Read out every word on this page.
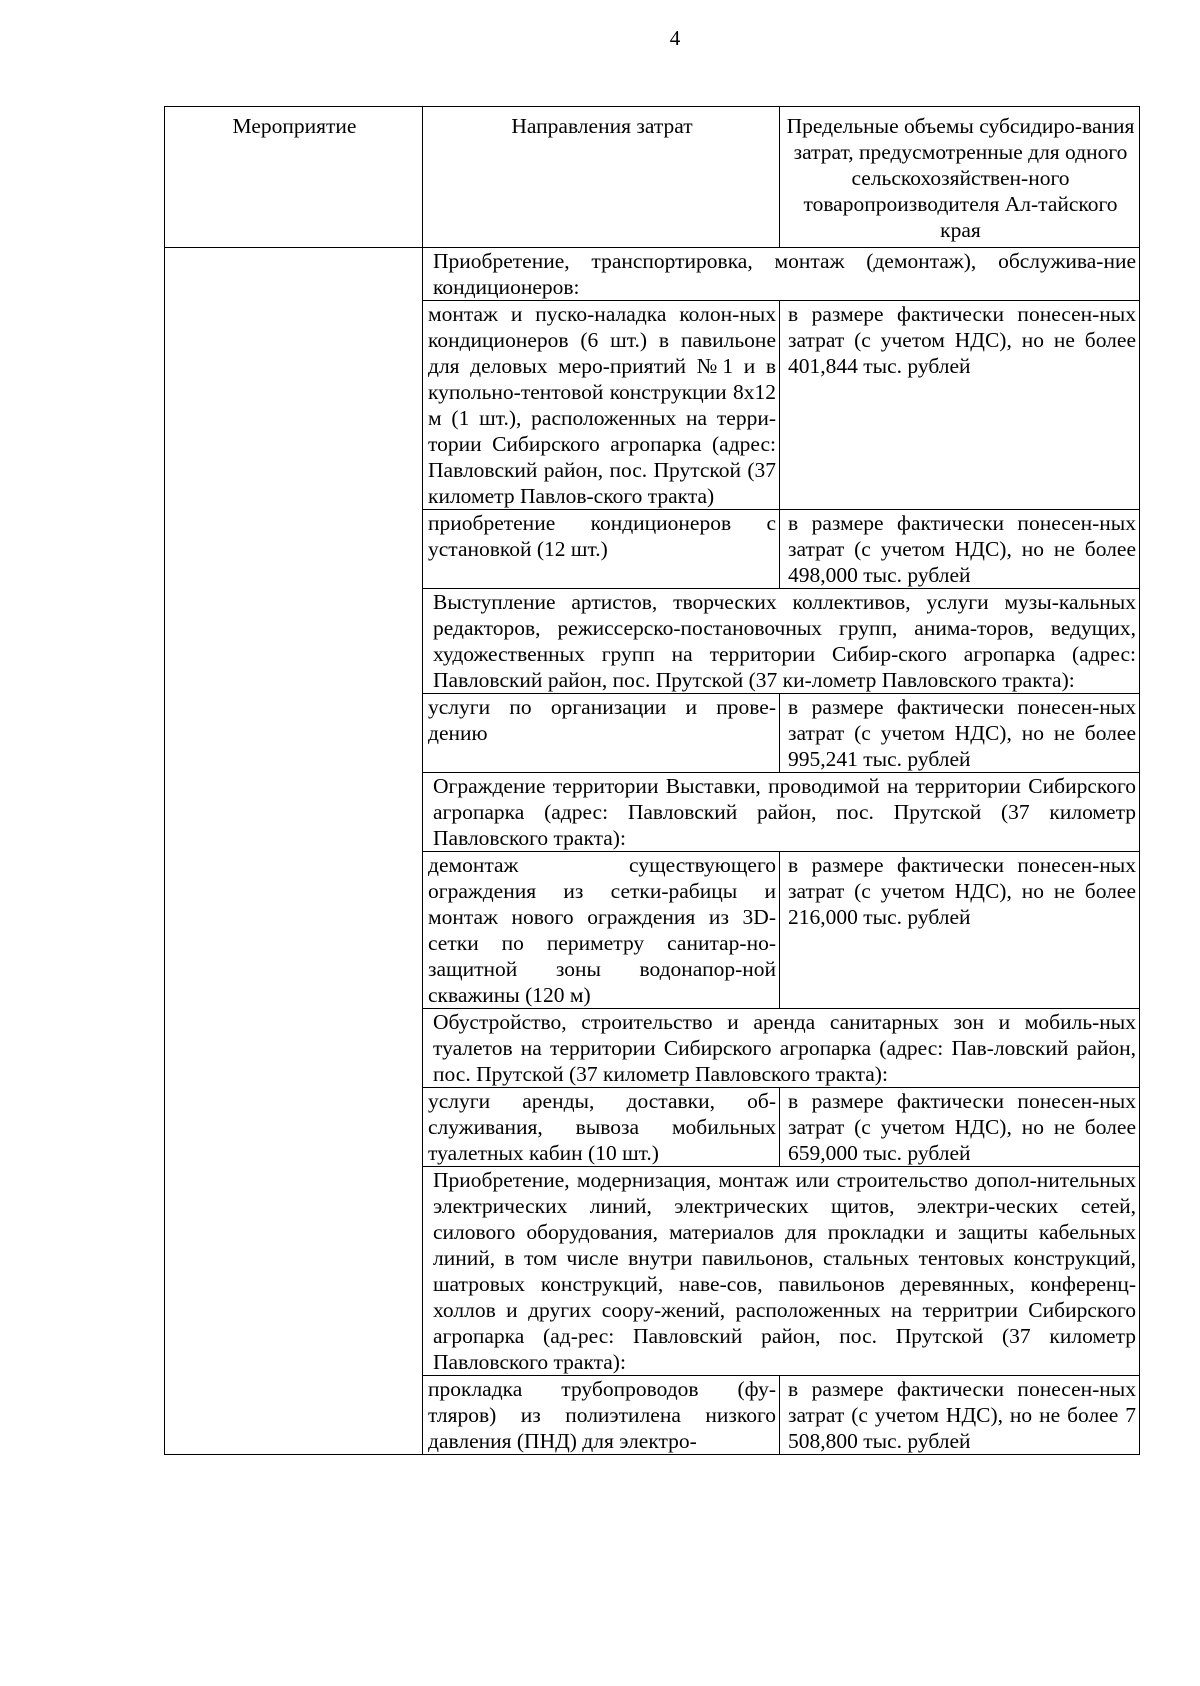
4
Мероприятие	Направления затрат	Предельные объемы субсидиро-вания затрат, предусмотренные для одного сельскохозяйствен-ного товаропроизводителя Ал-тайского края
	Приобретение, транспортировка, монтаж (демонтаж), обслужива-ние кондиционеров:	
	монтаж и пуско-наладка колон-ных кондиционеров (6 шт.) в павильоне для деловых меро-приятий №1 и в купольно-тентовой конструкции 8х12 м (1 шт.), расположенных на терри-тории Сибирского агропарка (адрес: Павловский район, пос. Прутской (37 километр Павлов-ского тракта)	в размере фактически понесен-ных затрат (с учетом НДС), но не более 401,844 тыс. рублей
	приобретение кондиционеров с установкой (12 шт.)	в размере фактически понесен-ных затрат (с учетом НДС), но не более 498,000 тыс. рублей
	Выступление артистов, творческих коллективов, услуги музы-кальных редакторов, режиссерско-постановочных групп, анима-торов, ведущих, художественных групп на территории Сибир-ского агропарка (адрес: Павловский район, пос. Прутской (37 ки-лометр Павловского тракта):	
	услуги по организации и прове-дению	в размере фактически понесен-ных затрат (с учетом НДС), но не более 995,241 тыс. рублей
	Ограждение территории Выставки, проводимой на территории Сибирского агропарка (адрес: Павловский район, пос. Прутской (37 километр Павловского тракта):	
	демонтаж существующего ограждения из сетки-рабицы и монтаж нового ограждения из 3D-сетки по периметру санитар-но-защитной зоны водонапор-ной скважины (120 м)	в размере фактически понесен-ных затрат (с учетом НДС), но не более 216,000 тыс. рублей
	Обустройство, строительство и аренда санитарных зон и мобиль-ных туалетов на территории Сибирского агропарка (адрес: Пав-ловский район, пос. Прутской (37 километр Павловского тракта):	
	услуги аренды, доставки, об-служивания, вывоза мобильных туалетных кабин (10 шт.)	в размере фактически понесен-ных затрат (с учетом НДС), но не более 659,000 тыс. рублей
	Приобретение, модернизация, монтаж или строительство допол-нительных электрических линий, электрических щитов, электри-ческих сетей, силового оборудования, материалов для прокладки и защиты кабельных линий, в том числе внутри павильонов, стальных тентовых конструкций, шатровых конструкций, наве-сов, павильонов деревянных, конференц-холлов и других соору-жений, расположенных на территрии Сибирского агропарка (ад-рес: Павловский район, пос. Прутской (37 километр Павловского тракта):	
	прокладка трубопроводов (фу-тляров) из полиэтилена низкого давления (ПНД) для электро-	в размере фактически понесен-ных затрат (с учетом НДС), но не более 7 508,800 тыс. рублей
